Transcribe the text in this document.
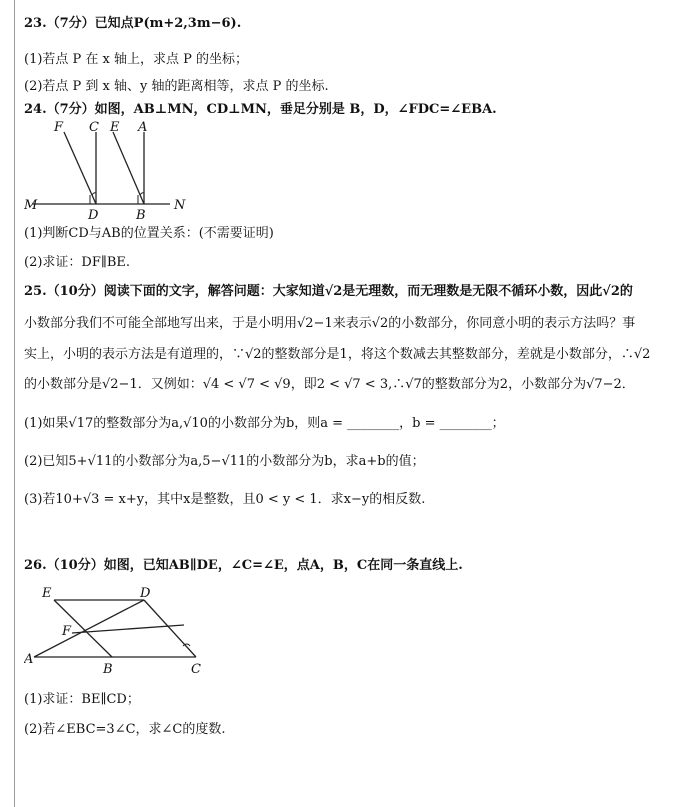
23.（7分）已知点P(m+2,3m−6).
(1)若点 P 在 x 轴上，求点 P 的坐标；
(2)若点 P 到 x 轴、y 轴的距离相等，求点 P 的坐标.
24.（7分）如图，AB⊥MN，CD⊥MN，垂足分别是 B，D，∠FDC=∠EBA.
F C E A
M
D	B
N
(1)判断CD与AB的位置关系：(不需要证明)
(2)求证：DF∥BE.
25.（10分）阅读下面的文字，解答问题：大家知道√2是无理数，而无理数是无限不循环小数，因此√2的
小数部分我们不可能全部地写出来，于是小明用√2−1来表示√2的小数部分，你同意小明的表示方法吗？事
实上，小明的表示方法是有道理的，∵√2的整数部分是1，将这个数减去其整数部分，差就是小数部分，∴√2
的小数部分是√2−1．又例如：√4 < √7 < √9，即2 < √7 < 3,∴√7的整数部分为2，小数部分为√7−2．
(1)如果√17的整数部分为a,√10的小数部分为b，则a = ________，b = ________；
(2)已知5+√11的小数部分为a,5−√11的小数部分为b，求a+b的值；
(3)若10+√3 = x+y，其中x是整数，且0 < y < 1．求x−y的相反数.
26.（10分）如图，已知AB∥DE，∠C=∠E，点A，B，C在同一条直线上.
E	D
F
A
B	C
(1)求证：BE∥CD；
(2)若∠EBC=3∠C，求∠C的度数.
